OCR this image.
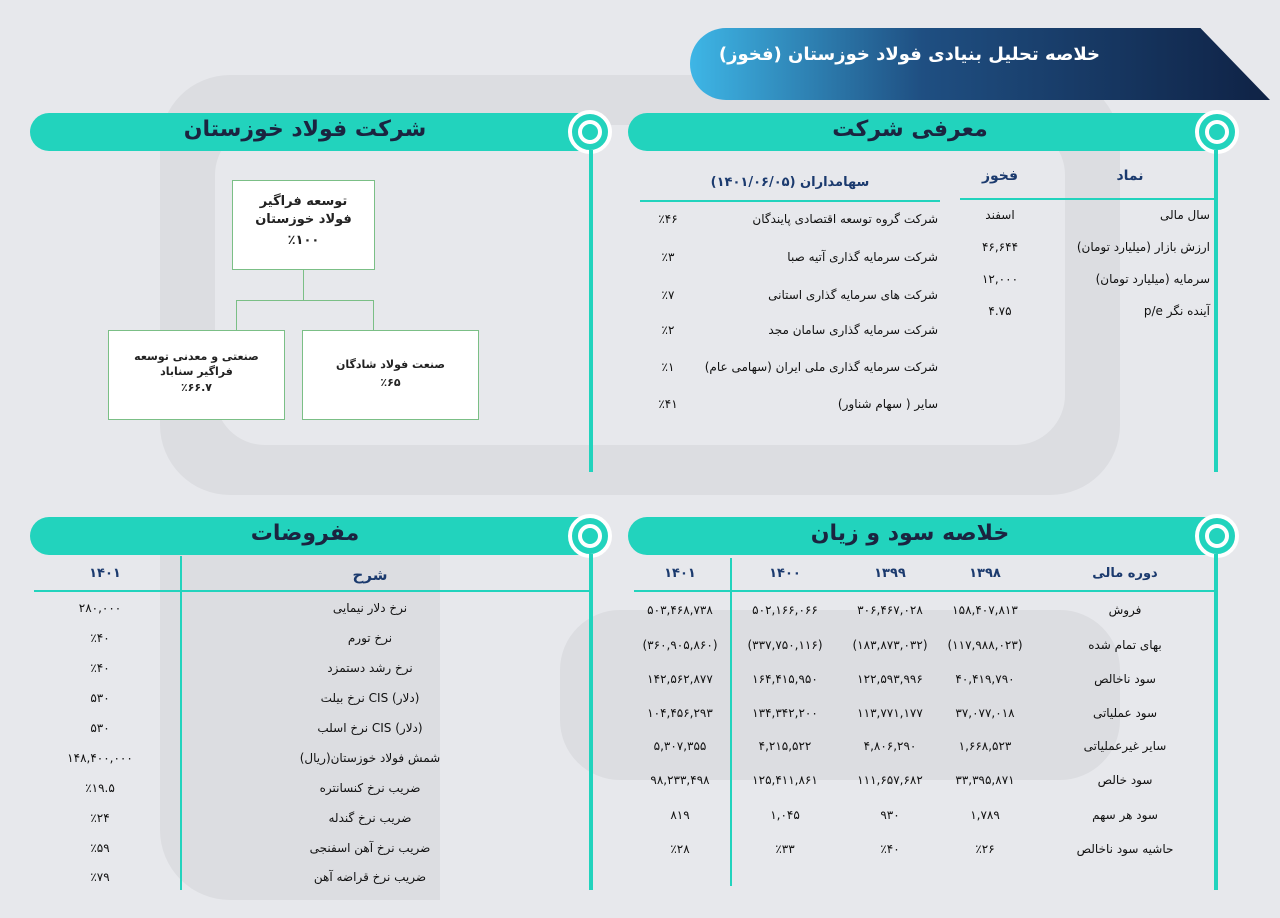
خلاصه تحلیل بنیادی فولاد خوزستان (فخوز)
معرفی شرکت
نماد
فخوز
سال مالی
اسفند
ارزش بازار (میلیارد تومان)
۴۶,۶۴۴
سرمایه (میلیارد تومان)
۱۲,۰۰۰
p/e آینده نگر
۴.۷۵
سهامداران (۱۴۰۱/۰۶/۰۵)
شرکت گروه توسعه اقتصادی پایندگان
٪۴۶
شرکت سرمایه گذاری آتیه صبا
٪۳
شرکت های سرمایه گذاری استانی
٪۷
شرکت سرمایه گذاری سامان مجد
٪۲
شرکت سرمایه گذاری ملی ایران (سهامی عام)
٪۱
سایر ( سهام شناور)
٪۴۱
شرکت فولاد خوزستان
توسعه فراگیر فولاد خوزستان
٪۱۰۰
صنعتی و معدنی توسعه فراگیر سناباد
٪۶۶.۷
صنعت فولاد شادگان
٪۶۵
خلاصه سود و زیان
دوره مالی
۱۳۹۸
۱۳۹۹
۱۴۰۰
۱۴۰۱
فروش
۱۵۸,۴۰۷,۸۱۳
۳۰۶,۴۶۷,۰۲۸
۵۰۲,۱۶۶,۰۶۶
۵۰۳,۴۶۸,۷۳۸
بهای تمام شده
(۱۱۷,۹۸۸,۰۲۳)
(۱۸۳,۸۷۳,۰۳۲)
(۳۳۷,۷۵۰,۱۱۶)
(۳۶۰,۹۰۵,۸۶۰)
سود ناخالص
۴۰,۴۱۹,۷۹۰
۱۲۲,۵۹۳,۹۹۶
۱۶۴,۴۱۵,۹۵۰
۱۴۲,۵۶۲,۸۷۷
سود عملیاتی
۳۷,۰۷۷,۰۱۸
۱۱۳,۷۷۱,۱۷۷
۱۳۴,۳۴۲,۲۰۰
۱۰۴,۴۵۶,۲۹۳
سایر غیرعملیاتی
۱,۶۶۸,۵۲۳
۴,۸۰۶,۲۹۰
۴,۲۱۵,۵۲۲
۵,۳۰۷,۳۵۵
سود خالص
۳۳,۳۹۵,۸۷۱
۱۱۱,۶۵۷,۶۸۲
۱۲۵,۴۱۱,۸۶۱
۹۸,۲۳۳,۴۹۸
سود هر سهم
۱,۷۸۹
۹۳۰
۱,۰۴۵
۸۱۹
حاشیه سود ناخالص
٪۲۶
٪۴۰
٪۳۳
٪۲۸
مفروضات
شرح
۱۴۰۱
نرخ دلار نیمایی
۲۸۰,۰۰۰
نرخ تورم
٪۴۰
نرخ رشد دستمزد
٪۴۰
نرخ بیلت CIS (دلار)
۵۳۰
نرخ اسلب CIS (دلار)
۵۳۰
شمش فولاد خوزستان(ریال)
۱۴۸,۴۰۰,۰۰۰
ضریب نرخ کنسانتره
٪۱۹.۵
ضریب نرخ گندله
٪۲۴
ضریب نرخ آهن اسفنجی
٪۵۹
ضریب نرخ قراضه آهن
٪۷۹
